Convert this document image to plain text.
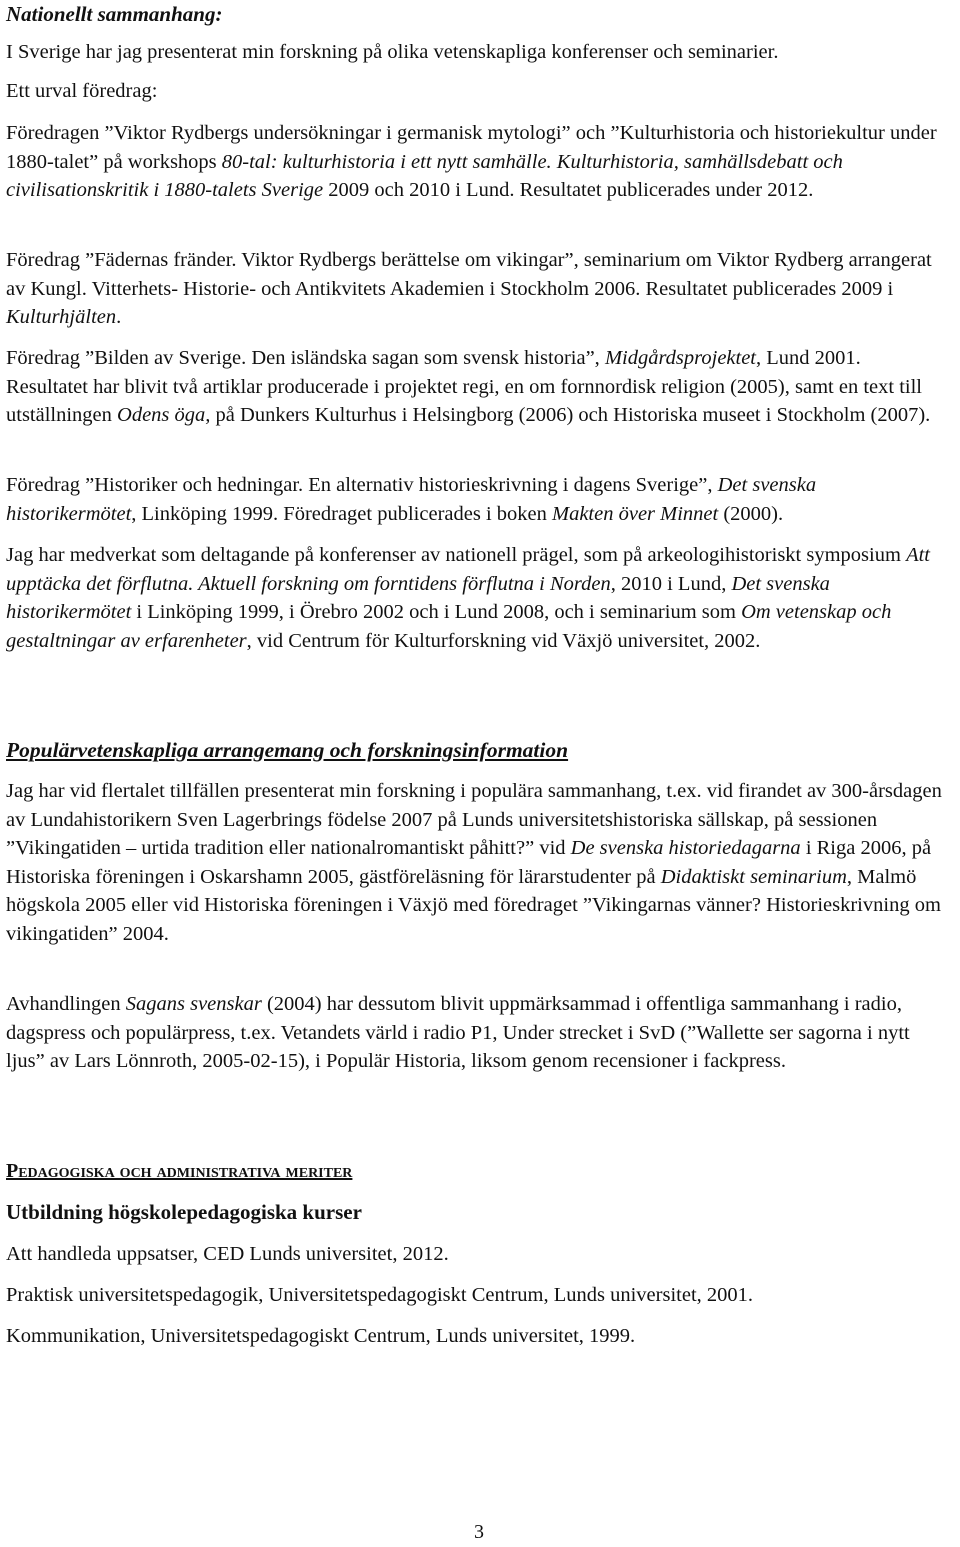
Nationellt sammanhang:

I Sverige har jag presenterat min forskning på olika vetenskapliga konferenser och seminarier.

Ett urval föredrag:

Föredragen ”Viktor Rydbergs undersökningar i germanisk mytologi” och ”Kulturhistoria och historiekultur under 1880-talet” på workshops 80-tal: kulturhistoria i ett nytt samhälle. Kulturhistoria, samhällsdebatt och civilisationskritik i 1880-talets Sverige 2009 och 2010 i Lund. Resultatet publicerades under 2012.

Föredrag ”Fädernas fränder. Viktor Rydbergs berättelse om vikingar”, seminarium om Viktor Rydberg arrangerat av Kungl. Vitterhets- Historie- och Antikvitets Akademien i Stockholm 2006. Resultatet publicerades 2009 i Kulturhjälten.

Föredrag ”Bilden av Sverige. Den isländska sagan som svensk historia”, Midgårdsprojektet, Lund 2001. Resultatet har blivit två artiklar producerade i projektet regi, en om fornnordisk religion (2005), samt en text till utställningen Odens öga, på Dunkers Kulturhus i Helsingborg (2006) och Historiska museet i Stockholm (2007).

Föredrag ”Historiker och hedningar. En alternativ historieskrivning i dagens Sverige”, Det svenska historikermötet, Linköping 1999. Föredraget publicerades i boken Makten över Minnet (2000).

Jag har medverkat som deltagande på konferenser av nationell prägel, som på arkeologihistoriskt symposium Att upptäcka det förflutna. Aktuell forskning om forntidens förflutna i Norden, 2010 i Lund, Det svenska historikermötet i Linköping 1999, i Örebro 2002 och i Lund 2008, och i seminarium som Om vetenskap och gestaltningar av erfarenheter, vid Centrum för Kulturforskning vid Växjö universitet, 2002.

Populärvetenskapliga arrangemang och forskningsinformation

Jag har vid flertalet tillfällen presenterat min forskning i populära sammanhang, t.ex. vid firandet av 300-årsdagen av Lundahistorikern Sven Lagerbrings födelse 2007 på Lunds universitetshistoriska sällskap, på sessionen ”Vikingatiden – urtida tradition eller nationalromantiskt påhitt?” vid De svenska historiedagarna i Riga 2006, på Historiska föreningen i Oskarshamn 2005, gästföreläsning för lärarstudenter på Didaktiskt seminarium, Malmö högskola 2005 eller vid Historiska föreningen i Växjö med föredraget ”Vikingarnas vänner? Historieskrivning om vikingatiden” 2004.

Avhandlingen Sagans svenskar (2004) har dessutom blivit uppmärksammad i offentliga sammanhang i radio, dagspress och populärpress, t.ex. Vetandets värld i radio P1, Under strecket i SvD (”Wallette ser sagorna i nytt ljus” av Lars Lönnroth, 2005-02-15), i Populär Historia, liksom genom recensioner i fackpress.

Pedagogiska och administrativa meriter
Utbildning högskolepedagogiska kurser

Att handleda uppsatser, CED Lunds universitet, 2012.

Praktisk universitetspedagogik, Universitetspedagogiskt Centrum, Lunds universitet, 2001.

Kommunikation, Universitetspedagogiskt Centrum, Lunds universitet, 1999.

3
